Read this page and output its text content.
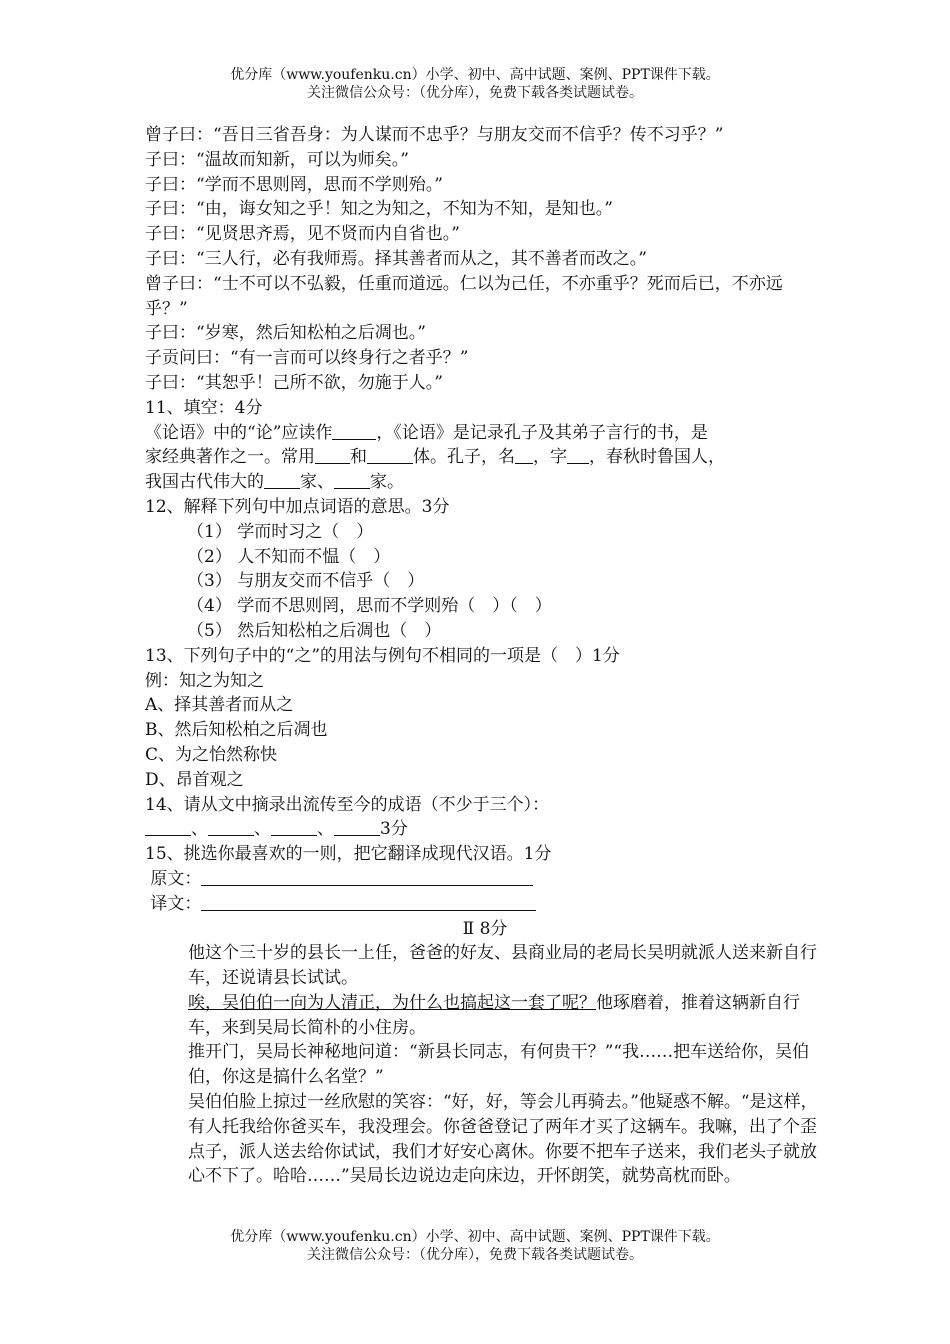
优分库（www.youfenku.cn）小学、初中、高中试题、案例、PPT课件下载。
关注微信公众号：（优分库），免费下载各类试题试卷。
曾子曰：“吾日三省吾身：为人谋而不忠乎？与朋友交而不信乎？传不习乎？”
子曰：“温故而知新，可以为师矣。”
子曰：“学而不思则罔，思而不学则殆。”
子曰：“由，诲女知之乎！知之为知之，不知为不知，是知也。”
子曰：“见贤思齐焉，见不贤而内自省也。”
子曰：“三人行，必有我师焉。择其善者而从之，其不善者而改之。”
曾子曰：“士不可以不弘毅，任重而道远。仁以为己任，不亦重乎？死而后已，不亦远乎？”
子曰：“岁寒，然后知松柏之后凋也。”
子贡问曰：“有一言而可以终身行之者乎？”
子曰：“其恕乎！己所不欲，勿施于人。”
11、填空：4分
《论语》中的“论”应读作	，《论语》是记录孔子及其弟子言行的书，是
家经典著作之一。常用 和	体。孔子，名 ，字 ，春秋时鲁国人，
我国古代伟大的 家、 家。
12、解释下列句中加点词语的意思。3分
（1） 学而时习之（　）
（2） 人不知而不愠（　）
（3） 与朋友交而不信乎（　）
（4） 学而不思则罔，思而不学则殆（　）（　）
（5） 然后知松柏之后凋也（　）
13、下列句子中的“之”的用法与例句不相同的一项是（　）1分
例：知之为知之
A、择其善者而从之
B、然后知松柏之后凋也
C、为之怡然称快
D、昂首观之
14、请从文中摘录出流传至今的成语（不少于三个）：
、	、	、	3分
15、挑选你最喜欢的一则，把它翻译成现代汉语。1分
原文：
译文：
Ⅱ 8分
他这个三十岁的县长一上任，爸爸的好友、县商业局的老局长吴明就派人送来新自行车，还说请县长试试。
唉，吴伯伯一向为人清正，为什么也搞起这一套了呢？他琢磨着，推着这辆新自行车，来到吴局长简朴的小住房。
推开门，吴局长神秘地问道：“新县长同志，有何贵干？”“我……把车送给你，吴伯伯，你这是搞什么名堂？”
吴伯伯脸上掠过一丝欣慰的笑容：“好，好，等会儿再骑去。”他疑惑不解。“是这样，有人托我给你爸买车，我没理会。你爸爸登记了两年才买了这辆车。我嘛，出了个歪点子，派人送去给你试试，我们才好安心离休。你要不把车子送来，我们老头子就放心不下了。哈哈……”吴局长边说边走向床边，开怀朗笑，就势高枕而卧。
优分库（www.youfenku.cn）小学、初中、高中试题、案例、PPT课件下载。
关注微信公众号：（优分库），免费下载各类试题试卷。
